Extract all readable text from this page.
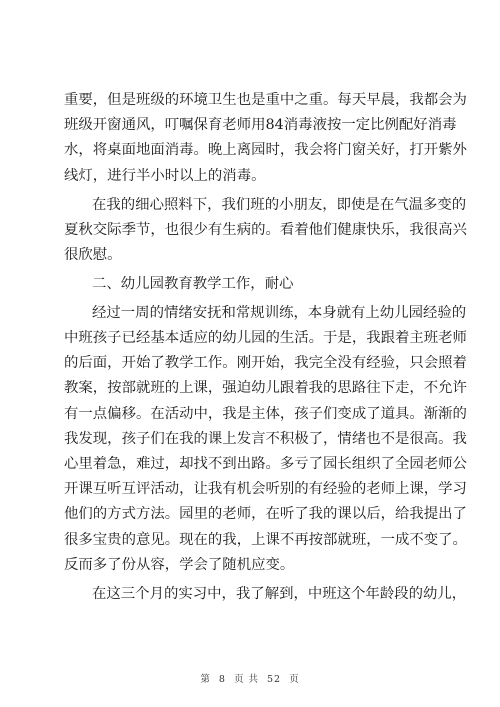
重要，但是班级的环境卫生也是重中之重。每天早晨，我都会为
班级开窗通风，叮嘱保育老师用84消毒液按一定比例配好消毒
水，将桌面地面消毒。晚上离园时，我会将门窗关好，打开紫外
线灯，进行半小时以上的消毒。
在我的细心照料下，我们班的小朋友，即使是在气温多变的
夏秋交际季节，也很少有生病的。看着他们健康快乐，我很高兴
很欣慰。
二、幼儿园教育教学工作，耐心
经过一周的情绪安抚和常规训练，本身就有上幼儿园经验的
中班孩子已经基本适应的幼儿园的生活。于是，我跟着主班老师
的后面，开始了教学工作。刚开始，我完全没有经验，只会照着
教案，按部就班的上课，强迫幼儿跟着我的思路往下走，不允许
有一点偏移。在活动中，我是主体，孩子们变成了道具。渐渐的
我发现，孩子们在我的课上发言不积极了，情绪也不是很高。我
心里着急，难过，却找不到出路。多亏了园长组织了全园老师公
开课互听互评活动，让我有机会听别的有经验的老师上课，学习
他们的方式方法。园里的老师，在听了我的课以后，给我提出了
很多宝贵的意见。现在的我，上课不再按部就班，一成不变了。
反而多了份从容，学会了随机应变。
在这三个月的实习中，我了解到，中班这个年龄段的幼儿，
第 8 页 共 52 页
